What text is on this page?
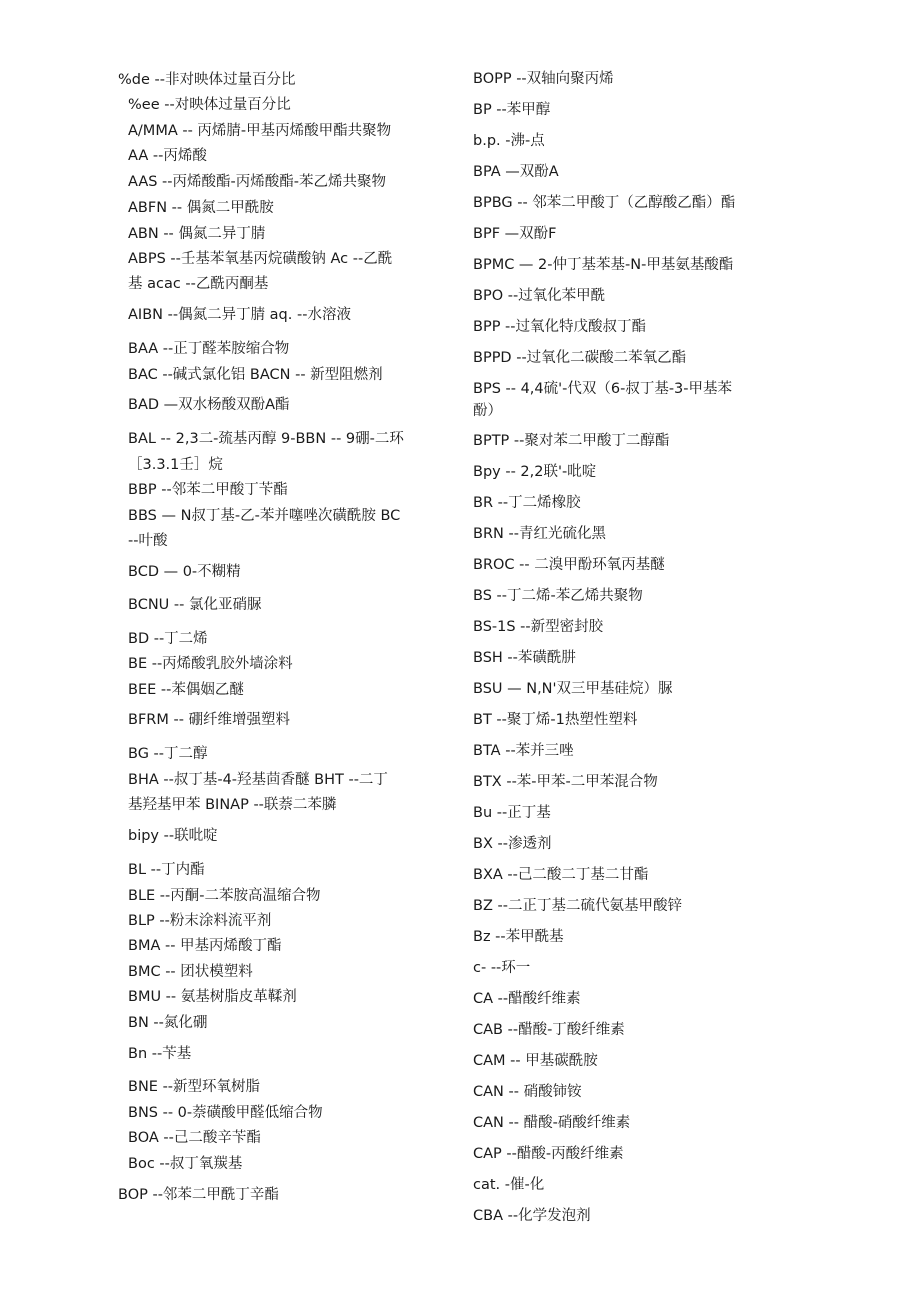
%de --非对映体过量百分比
%ee --对映体过量百分比
A/MMA -- 丙烯腈-甲基丙烯酸甲酯共聚物
AA --丙烯酸
AAS --丙烯酸酯-丙烯酸酯-苯乙烯共聚物
ABFN -- 偶氮二甲酰胺
ABN -- 偶氮二异丁腈
ABPS --壬基苯氧基丙烷磺酸钠 Ac --乙酰
基 acac --乙酰丙酮基
AIBN --偶氮二异丁腈 aq. --水溶液
BAA --正丁醛苯胺缩合物
BAC --碱式氯化铝 BACN -- 新型阻燃剂
BAD —双水杨酸双酚A酯
BAL -- 2,3二-巯基丙醇 9-BBN -- 9硼-二环
［3.3.1壬］烷
BBP --邻苯二甲酸丁苄酯
BBS — N叔丁基-乙-苯并噻唑次磺酰胺 BC
--叶酸
BCD — 0-不糊精
BCNU -- 氯化亚硝脲
BD --丁二烯
BE --丙烯酸乳胶外墙涂料
BEE --苯偶姻乙醚
BFRM -- 硼纤维增强塑料
BG --丁二醇
BHA --叔丁基-4-羟基茴香醚 BHT --二丁
基羟基甲苯 BINAP --联萘二苯膦
bipy --联吡啶
BL --丁内酯
BLE --丙酮-二苯胺高温缩合物
BLP --粉末涂料流平剂
BMA -- 甲基丙烯酸丁酯
BMC -- 团状模塑料
BMU -- 氨基树脂皮革鞣剂
BN --氮化硼
Bn --苄基
BNE --新型环氧树脂
BNS -- 0-萘磺酸甲醛低缩合物
BOA --己二酸辛苄酯
Boc --叔丁氧羰基
BOP --邻苯二甲酰丁辛酯
BOPP --双轴向聚丙烯
BP --苯甲醇
b.p. -沸-点
BPA —双酚A
BPBG -- 邻苯二甲酸丁（乙醇酸乙酯）酯
BPF —双酚F
BPMC — 2-仲丁基苯基-N-甲基氨基酸酯
BPO --过氧化苯甲酰
BPP --过氧化特戊酸叔丁酯
BPPD --过氧化二碳酸二苯氧乙酯
BPS -- 4,4硫'-代双（6-叔丁基-3-甲基苯
酚）
BPTP --聚对苯二甲酸丁二醇酯
Bpy -- 2,2联'-吡啶
BR --丁二烯橡胶
BRN --青红光硫化黑
BROC -- 二溴甲酚环氧丙基醚
BS --丁二烯-苯乙烯共聚物
BS-1S --新型密封胶
BSH --苯磺酰肼
BSU — N,N'双三甲基硅烷）脲
BT --聚丁烯-1热塑性塑料
BTA --苯并三唑
BTX --苯-甲苯-二甲苯混合物
Bu --正丁基
BX --渗透剂
BXA --己二酸二丁基二甘酯
BZ --二正丁基二硫代氨基甲酸锌
Bz --苯甲酰基
c- --环一
CA --醋酸纤维素
CAB --醋酸-丁酸纤维素
CAM -- 甲基碳酰胺
CAN -- 硝酸铈铵
CAN -- 醋酸-硝酸纤维素
CAP --醋酸-丙酸纤维素
cat. -催-化
CBA --化学发泡剂
